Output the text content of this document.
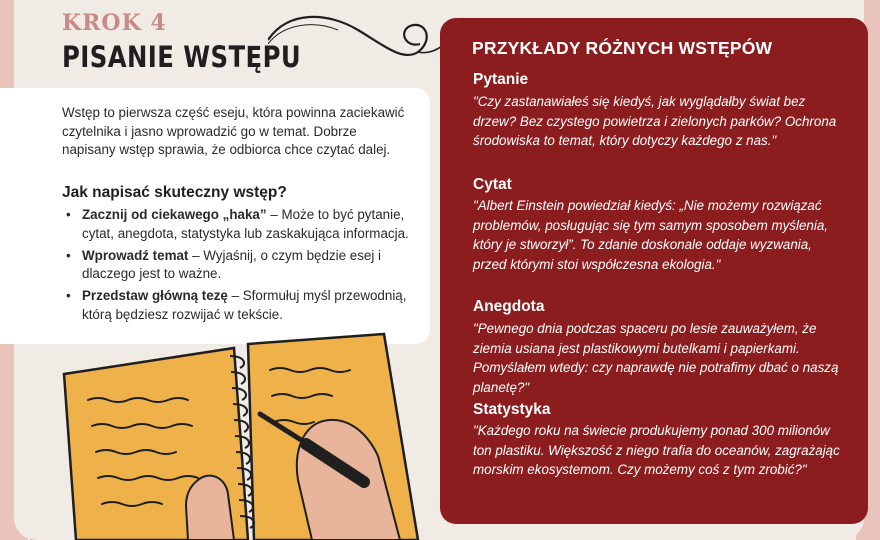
KROK 4
PISANIE WSTĘPU

Wstęp to pierwsza część eseju, która powinna zaciekawić czytelnika i jasno wprowadzić go w temat. Dobrze napisany wstęp sprawia, że odbiorca chce czytać dalej.

Jak napisać skuteczny wstęp?
• Zacznij od ciekawego „haka” – Może to być pytanie, cytat, anegdota, statystyka lub zaskakująca informacja.
• Wprowadź temat – Wyjaśnij, o czym będzie esej i dlaczego jest to ważne.
• Przedstaw główną tezę – Sformułuj myśl przewodnią, którą będziesz rozwijać w tekście.
PRZYKŁADY RÓŻNYCH WSTĘPÓW
Pytanie

"Czy zastanawiałeś się kiedyś, jak wyglądałby świat bez drzew? Bez czystego powietrza i zielonych parków? Ochrona środowiska to temat, który dotyczy każdego z nas."

Cytat

"Albert Einstein powiedział kiedyś: „Nie możemy rozwiązać problemów, posługując się tym samym sposobem myślenia, który je stworzył”. To zdanie doskonale oddaje wyzwania, przed którymi stoi współczesna ekologia."

Anegdota

"Pewnego dnia podczas spaceru po lesie zauważyłem, że ziemia usiana jest plastikowymi butelkami i papierkami. Pomyślałem wtedy: czy naprawdę nie potrafimy dbać o naszą planetę?"

Statystyka

"Każdego roku na świecie produkujemy ponad 300 milionów ton plastiku. Większość z niego trafia do oceanów, zagrażając morskim ekosystemom. Czy możemy coś z tym zrobić?"
